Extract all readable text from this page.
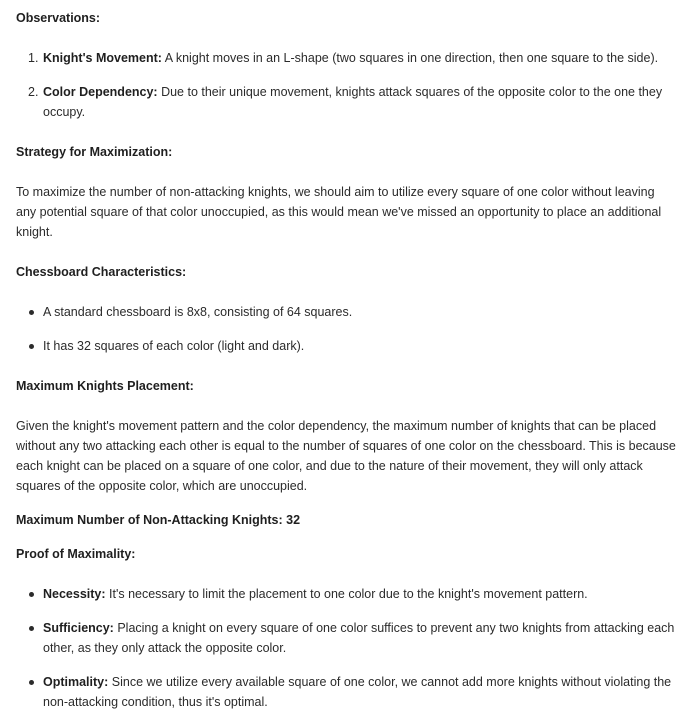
Observations:
1. Knight's Movement: A knight moves in an L-shape (two squares in one direction, then one square to the side).
2. Color Dependency: Due to their unique movement, knights attack squares of the opposite color to the one they occupy.
Strategy for Maximization:

To maximize the number of non-attacking knights, we should aim to utilize every square of one color without leaving any potential square of that color unoccupied, as this would mean we've missed an opportunity to place an additional knight.

Chessboard Characteristics:
A standard chessboard is 8x8, consisting of 64 squares.
It has 32 squares of each color (light and dark).
Maximum Knights Placement:

Given the knight's movement pattern and the color dependency, the maximum number of knights that can be placed without any two attacking each other is equal to the number of squares of one color on the chessboard. This is because each knight can be placed on a square of one color, and due to the nature of their movement, they will only attack squares of the opposite color, which are unoccupied.

Maximum Number of Non-Attacking Knights: 32
Proof of Maximality:
Necessity: It's necessary to limit the placement to one color due to the knight's movement pattern.
Sufficiency: Placing a knight on every square of one color suffices to prevent any two knights from attacking each other, as they only attack the opposite color.
Optimality: Since we utilize every available square of one color, we cannot add more knights without violating the non-attacking condition, thus it's optimal.
